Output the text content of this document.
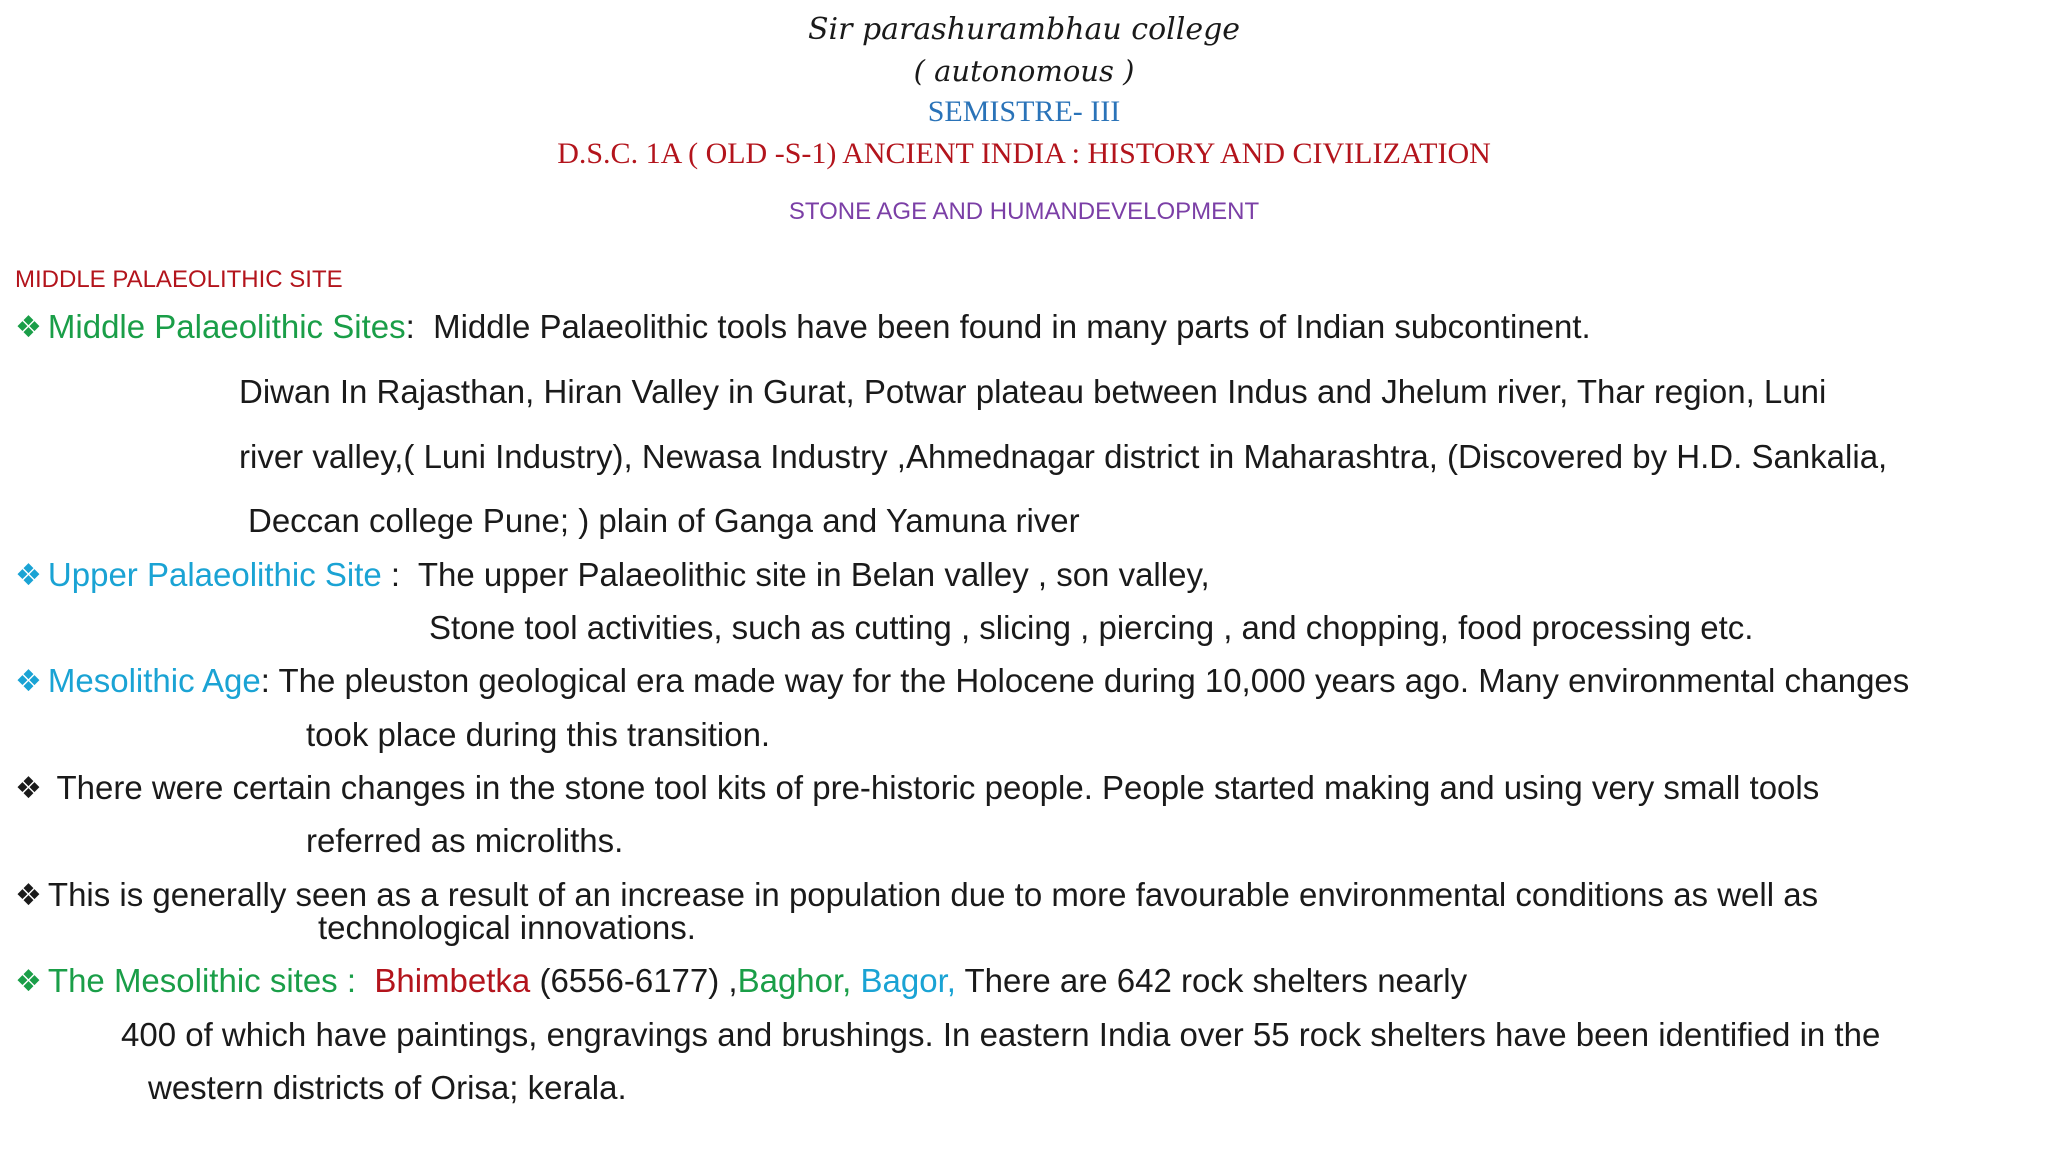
Sir parashurambhau college
( autonomous )
SEMISTRE- III
D.S.C. 1A ( OLD -S-1) ANCIENT INDIA : HISTORY AND CIVILIZATION
STONE AGE AND HUMANDEVELOPMENT
MIDDLE PALAEOLITHIC SITE
❖ Middle Palaeolithic Sites:  Middle Palaeolithic tools have been found in many parts of Indian subcontinent.
Diwan In Rajasthan, Hiran Valley in Gurat, Potwar plateau between Indus and Jhelum river, Thar region, Luni
river valley,( Luni Industry), Newasa Industry ,Ahmednagar district in Maharashtra, (Discovered by H.D. Sankalia,
Deccan college Pune; ) plain of Ganga and Yamuna river
❖ Upper Palaeolithic Site :  The upper Palaeolithic site in Belan valley , son valley,
Stone tool activities, such as cutting , slicing , piercing , and chopping, food processing etc.
❖ Mesolithic Age: The pleuston geological era made way for the Holocene during 10,000 years ago. Many environmental changes
took place during this transition.
❖ There were certain changes in the stone tool kits of pre-historic people. People started making and using very small tools
referred as microliths.
❖ This is generally seen as a result of an increase in population due to more favourable environmental conditions as well as
technological innovations.
❖ The Mesolithic sites :  Bhimbetka (6556-6177) ,Baghor, Bagor, There are 642 rock shelters nearly
400 of which have paintings, engravings and brushings. In eastern India over 55 rock shelters have been identified in the
western districts of Orisa; kerala.
